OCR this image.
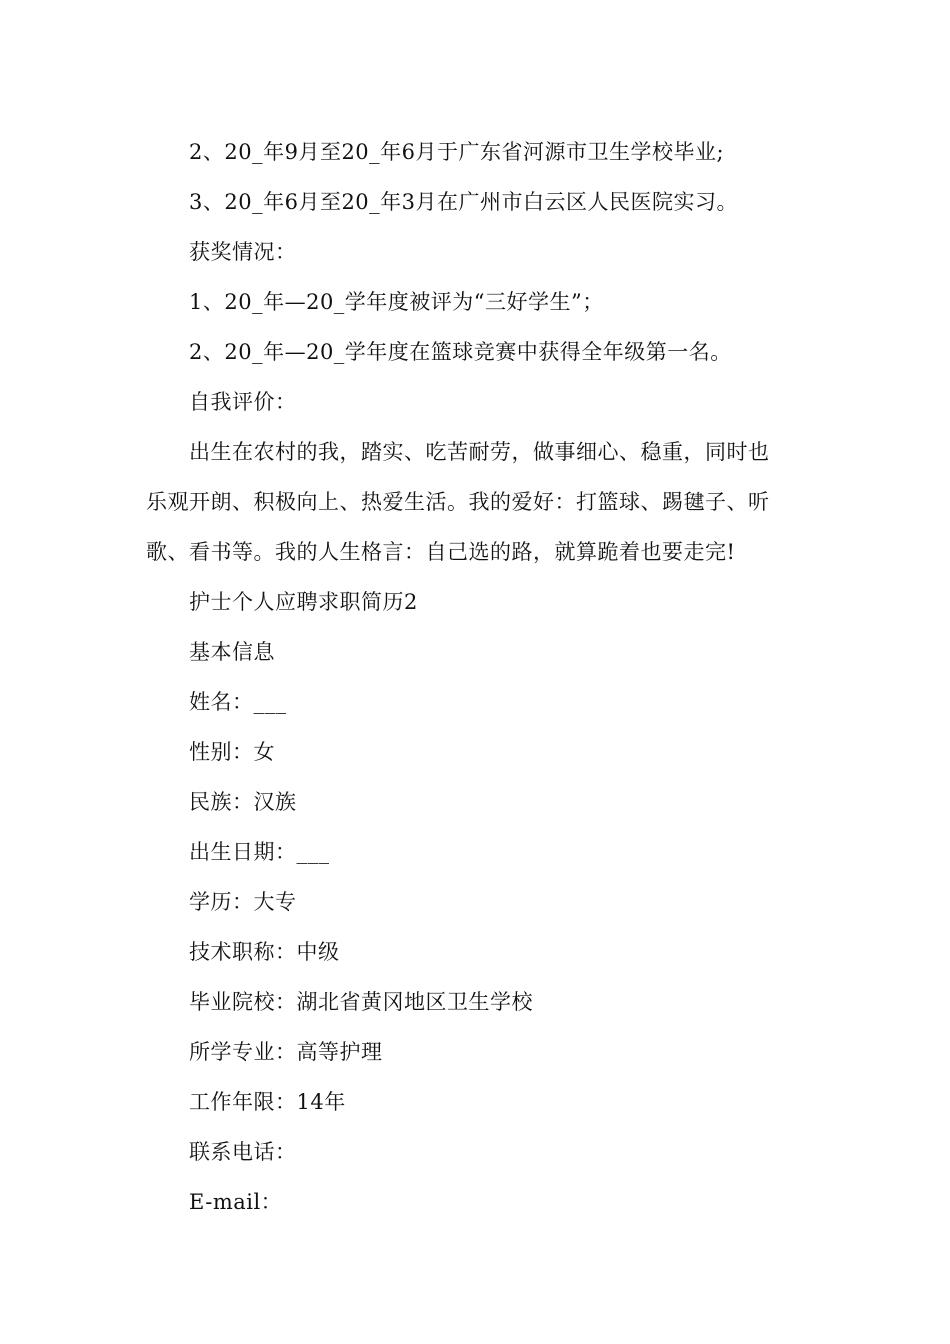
2、20_年9月至20_年6月于广东省河源市卫生学校毕业;
3、20_年6月至20_年3月在广州市白云区人民医院实习。
获奖情况：
1、20_年—20_学年度被评为“三好学生”；
2、20_年—20_学年度在篮球竞赛中获得全年级第一名。
自我评价：
出生在农村的我，踏实、吃苦耐劳，做事细心、稳重，同时也
乐观开朗、积极向上、热爱生活。我的爱好：打篮球、踢毽子、听
歌、看书等。我的人生格言：自己选的路，就算跪着也要走完!
护士个人应聘求职简历2
基本信息
姓名：___
性别：女
民族：汉族
出生日期：___
学历：大专
技术职称：中级
毕业院校：湖北省黄冈地区卫生学校
所学专业：高等护理
工作年限：14年
联系电话：
E-mail：
